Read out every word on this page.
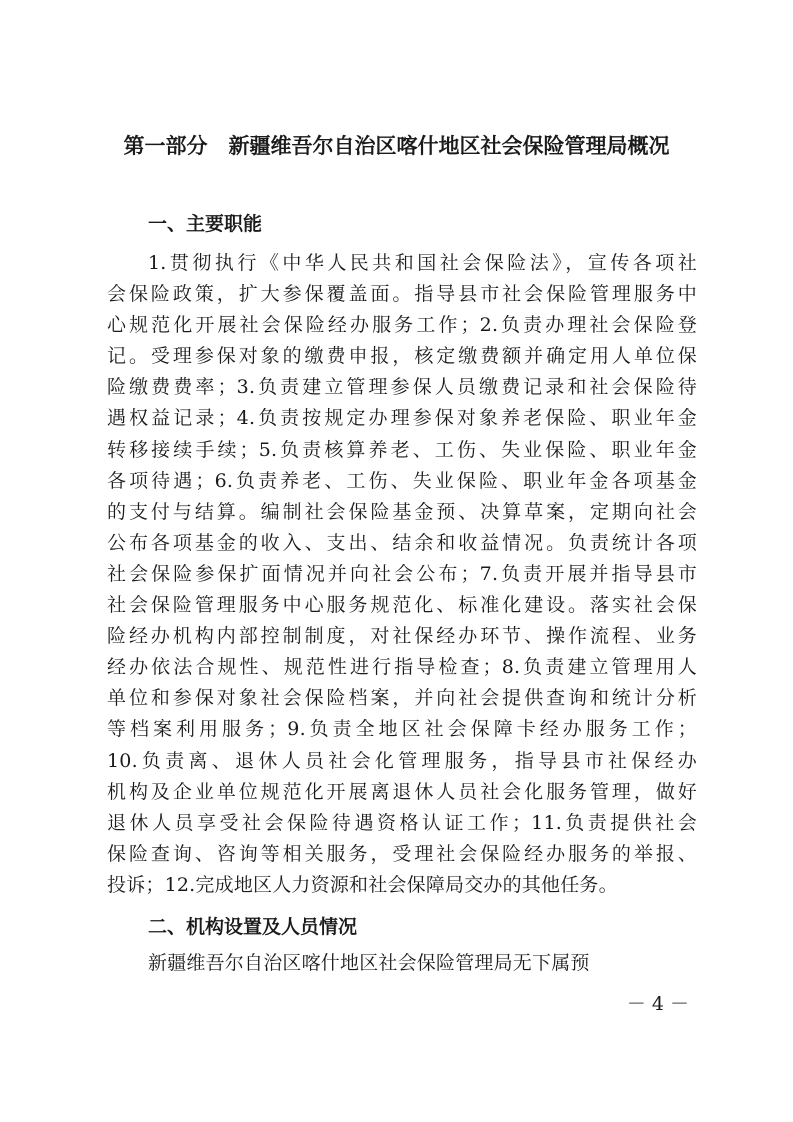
第一部分　新疆维吾尔自治区喀什地区社会保险管理局概况
一、主要职能
1.贯彻执行《中华人民共和国社会保险法》，宣传各项社
会保险政策，扩大参保覆盖面。指导县市社会保险管理服务中
心规范化开展社会保险经办服务工作；2.负责办理社会保险登
记。受理参保对象的缴费申报，核定缴费额并确定用人单位保
险缴费费率；3.负责建立管理参保人员缴费记录和社会保险待
遇权益记录；4.负责按规定办理参保对象养老保险、职业年金
转移接续手续；5.负责核算养老、工伤、失业保险、职业年金
各项待遇；6.负责养老、工伤、失业保险、职业年金各项基金
的支付与结算。编制社会保险基金预、决算草案，定期向社会
公布各项基金的收入、支出、结余和收益情况。负责统计各项
社会保险参保扩面情况并向社会公布；7.负责开展并指导县市
社会保险管理服务中心服务规范化、标准化建设。落实社会保
险经办机构内部控制制度，对社保经办环节、操作流程、业务
经办依法合规性、规范性进行指导检查；8.负责建立管理用人
单位和参保对象社会保险档案，并向社会提供查询和统计分析
等档案利用服务；9.负责全地区社会保障卡经办服务工作；
10.负责离、退休人员社会化管理服务，指导县市社保经办
机构及企业单位规范化开展离退休人员社会化服务管理，做好
退休人员享受社会保险待遇资格认证工作；11.负责提供社会
保险查询、咨询等相关服务，受理社会保险经办服务的举报、
投诉；12.完成地区人力资源和社会保障局交办的其他任务。
二、机构设置及人员情况
新疆维吾尔自治区喀什地区社会保险管理局无下属预
－ 4 －
